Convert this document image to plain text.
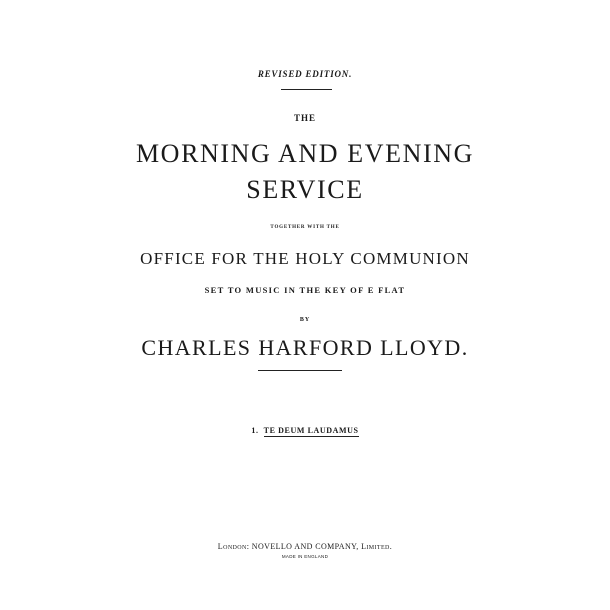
REVISED EDITION.
THE
MORNING AND EVENING
SERVICE
TOGETHER WITH THE
OFFICE FOR THE HOLY COMMUNION
SET TO MUSIC IN THE KEY OF E FLAT
BY
CHARLES HARFORD LLOYD.
1. TE DEUM LAUDAMUS
London: NOVELLO AND COMPANY, Limited.
MADE IN ENGLAND
